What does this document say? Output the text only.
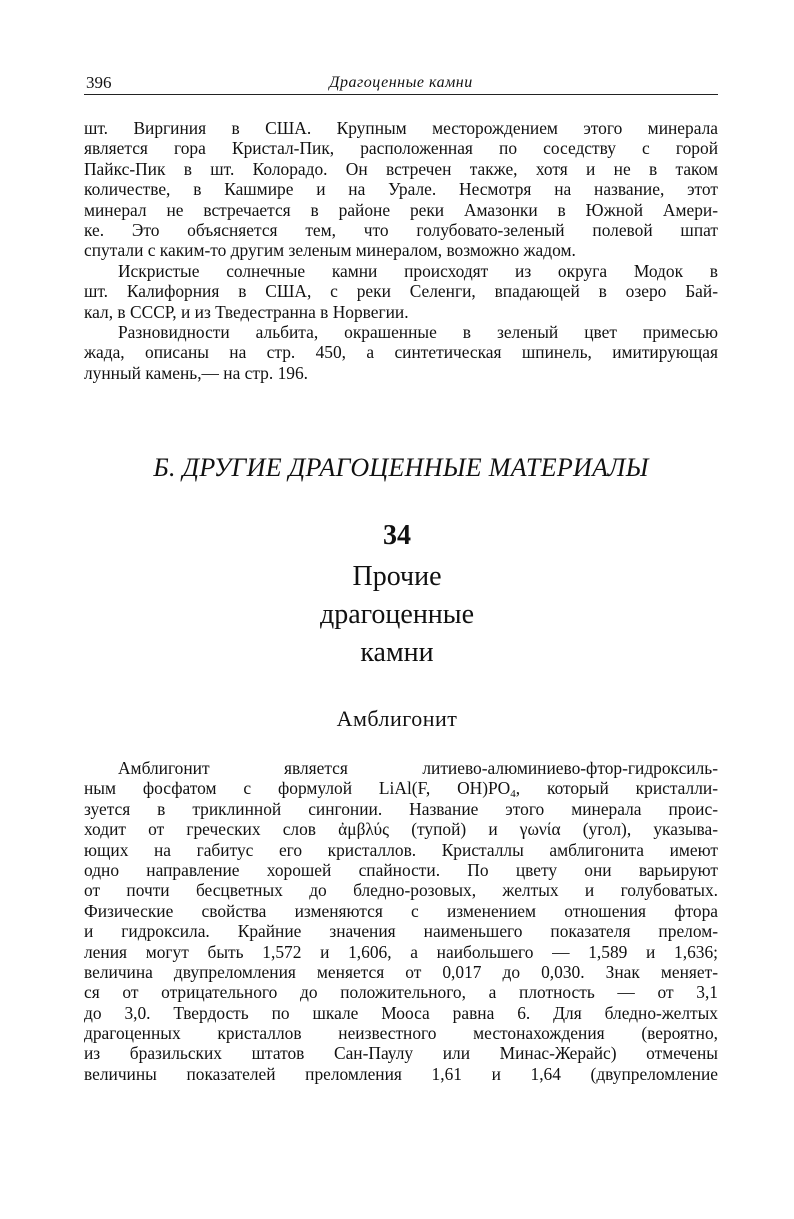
396	Драгоценные камни
шт. Виргиния в США. Крупным месторождением этого минерала
является гора Кристал-Пик, расположенная по соседству с горой
Пайкс-Пик в шт. Колорадо. Он встречен также, хотя и не в таком
количестве, в Кашмире и на Урале. Несмотря на название, этот
минерал не встречается в районе реки Амазонки в Южной Амери-
ке. Это объясняется тем, что голубовато-зеленый полевой шпат
спутали с каким-то другим зеленым минералом, возможно жадом.
Искристые солнечные камни происходят из округа Модок в
шт. Калифорния в США, с реки Селенги, впадающей в озеро Бай-
кал, в СССР, и из Тведестранна в Норвегии.
Разновидности альбита, окрашенные в зеленый цвет примесью
жада, описаны на стр. 450, а синтетическая шпинель, имитирующая
лунный камень,— на стр. 196.
Б. ДРУГИЕ ДРАГОЦЕННЫЕ МАТЕРИАЛЫ
34
Прочие
драгоценные
камни
Амблигонит
Амблигонит является литиево-алюминиево-фтор-гидроксиль-
ным фосфатом с формулой LiAl(F, $OH)PO_4$, который кристалли-
зуется в триклинной сингонии. Название этого минерала проис-
ходит от греческих слов ἀμβλύς (тупой) и γωνία (угол), указыва-
ющих на габитус его кристаллов. Кристаллы амблигонита имеют
одно направление хорошей спайности. По цвету они варьируют
от почти бесцветных до бледно-розовых, желтых и голубоватых.
Физические свойства изменяются с изменением отношения фтора
и гидроксила. Крайние значения наименьшего показателя прелом-
ления могут быть 1,572 и 1,606, а наибольшего — 1,589 и 1,636;
величина двупреломления меняется от 0,017 до 0,030. Знак меняет-
ся от отрицательного до положительного, а плотность — от 3,1
до 3,0. Твердость по шкале Мооса равна 6. Для бледно-желтых
драгоценных кристаллов неизвестного местонахождения (вероятно,
из бразильских штатов Сан-Паулу или Минас-Жерайс) отмечены
величины показателей преломления 1,61 и 1,64 (двупреломление
